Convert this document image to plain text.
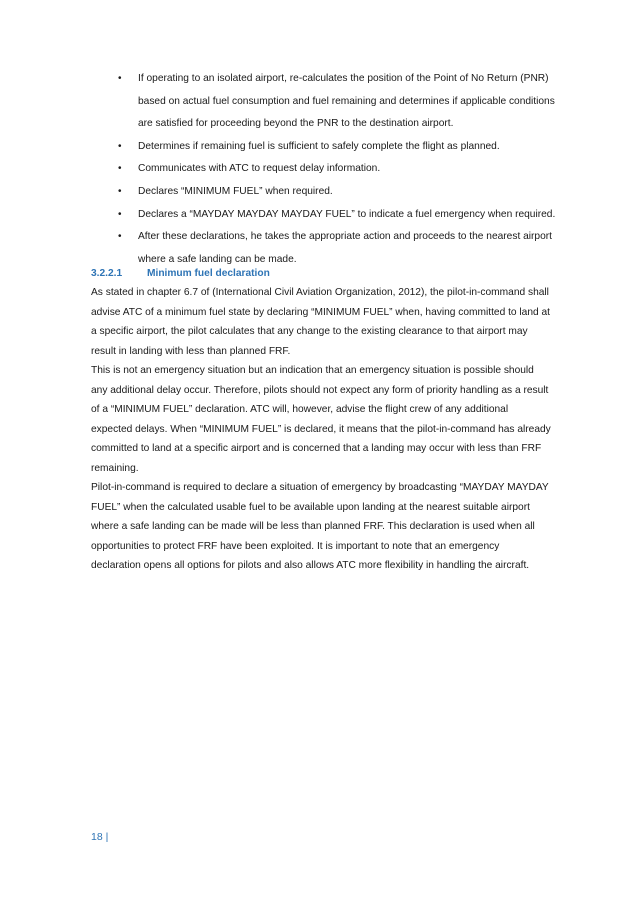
• If operating to an isolated airport, re-calculates the position of the Point of No Return (PNR) based on actual fuel consumption and fuel remaining and determines if applicable conditions are satisfied for proceeding beyond the PNR to the destination airport.
• Determines if remaining fuel is sufficient to safely complete the flight as planned.
• Communicates with ATC to request delay information.
• Declares “MINIMUM FUEL” when required.
• Declares a “MAYDAY MAYDAY MAYDAY FUEL” to indicate a fuel emergency when required.
• After these declarations, he takes the appropriate action and proceeds to the nearest airport where a safe landing can be made.
3.2.2.1 Minimum fuel declaration

As stated in chapter 6.7 of (International Civil Aviation Organization, 2012), the pilot-in-command shall advise ATC of a minimum fuel state by declaring “MINIMUM FUEL” when, having committed to land at a specific airport, the pilot calculates that any change to the existing clearance to that airport may result in landing with less than planned FRF.

This is not an emergency situation but an indication that an emergency situation is possible should any additional delay occur. Therefore, pilots should not expect any form of priority handling as a result of a “MINIMUM FUEL” declaration. ATC will, however, advise the flight crew of any additional expected delays. When “MINIMUM FUEL” is declared, it means that the pilot-in-command has already committed to land at a specific airport and is concerned that a landing may occur with less than FRF remaining.

Pilot-in-command is required to declare a situation of emergency by broadcasting “MAYDAY MAYDAY FUEL” when the calculated usable fuel to be available upon landing at the nearest suitable airport where a safe landing can be made will be less than planned FRF. This declaration is used when all opportunities to protect FRF have been exploited. It is important to note that an emergency declaration opens all options for pilots and also allows ATC more flexibility in handling the aircraft.

18 |
